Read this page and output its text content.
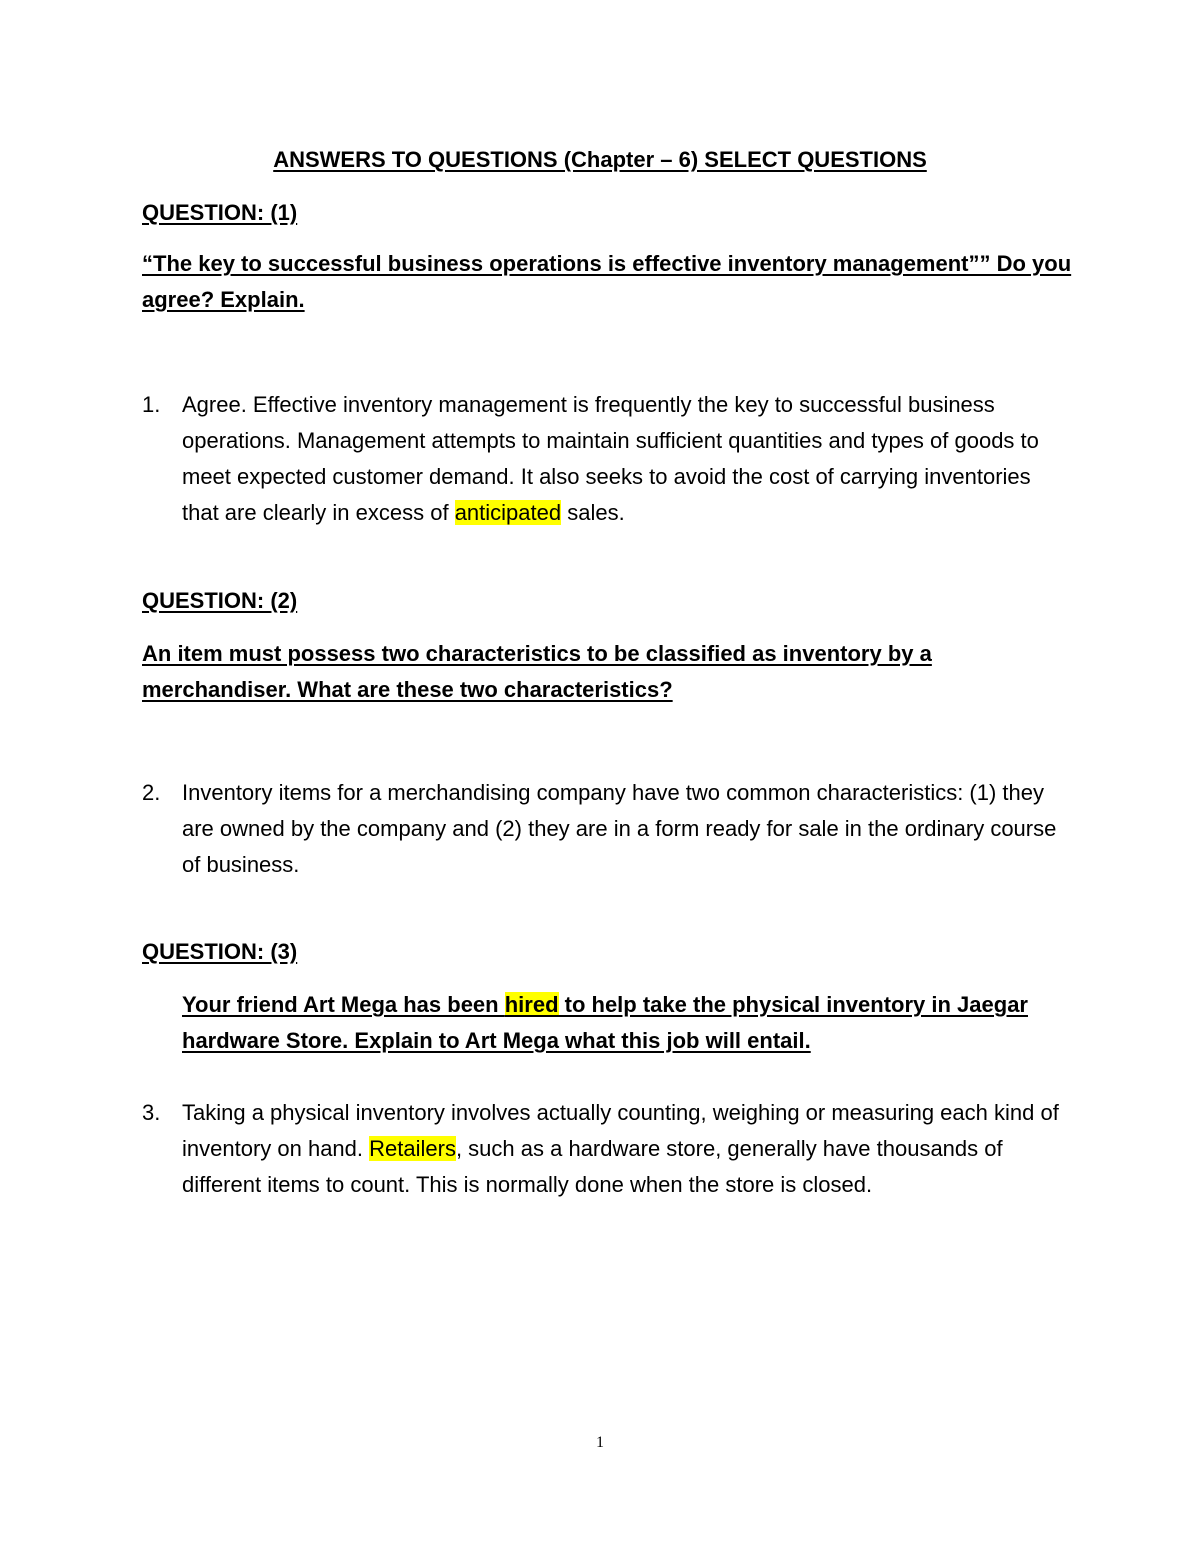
ANSWERS TO QUESTIONS (Chapter – 6) SELECT QUESTIONS
QUESTION: (1)
“The key to successful business operations is effective inventory management”” Do you agree? Explain.
1. Agree. Effective inventory management is frequently the key to successful business operations. Management attempts to maintain sufficient quantities and types of goods to meet expected customer demand. It also seeks to avoid the cost of carrying inventories that are clearly in excess of anticipated sales.
QUESTION: (2)
An item must possess two characteristics to be classified as inventory by a merchandiser. What are these two characteristics?
2. Inventory items for a merchandising company have two common characteristics: (1) they are owned by the company and (2) they are in a form ready for sale in the ordinary course of business.
QUESTION: (3)
Your friend Art Mega has been hired to help take the physical inventory in Jaegar hardware Store. Explain to Art Mega what this job will entail.
3. Taking a physical inventory involves actually counting, weighing or measuring each kind of inventory on hand. Retailers, such as a hardware store, generally have thousands of different items to count. This is normally done when the store is closed.
1
